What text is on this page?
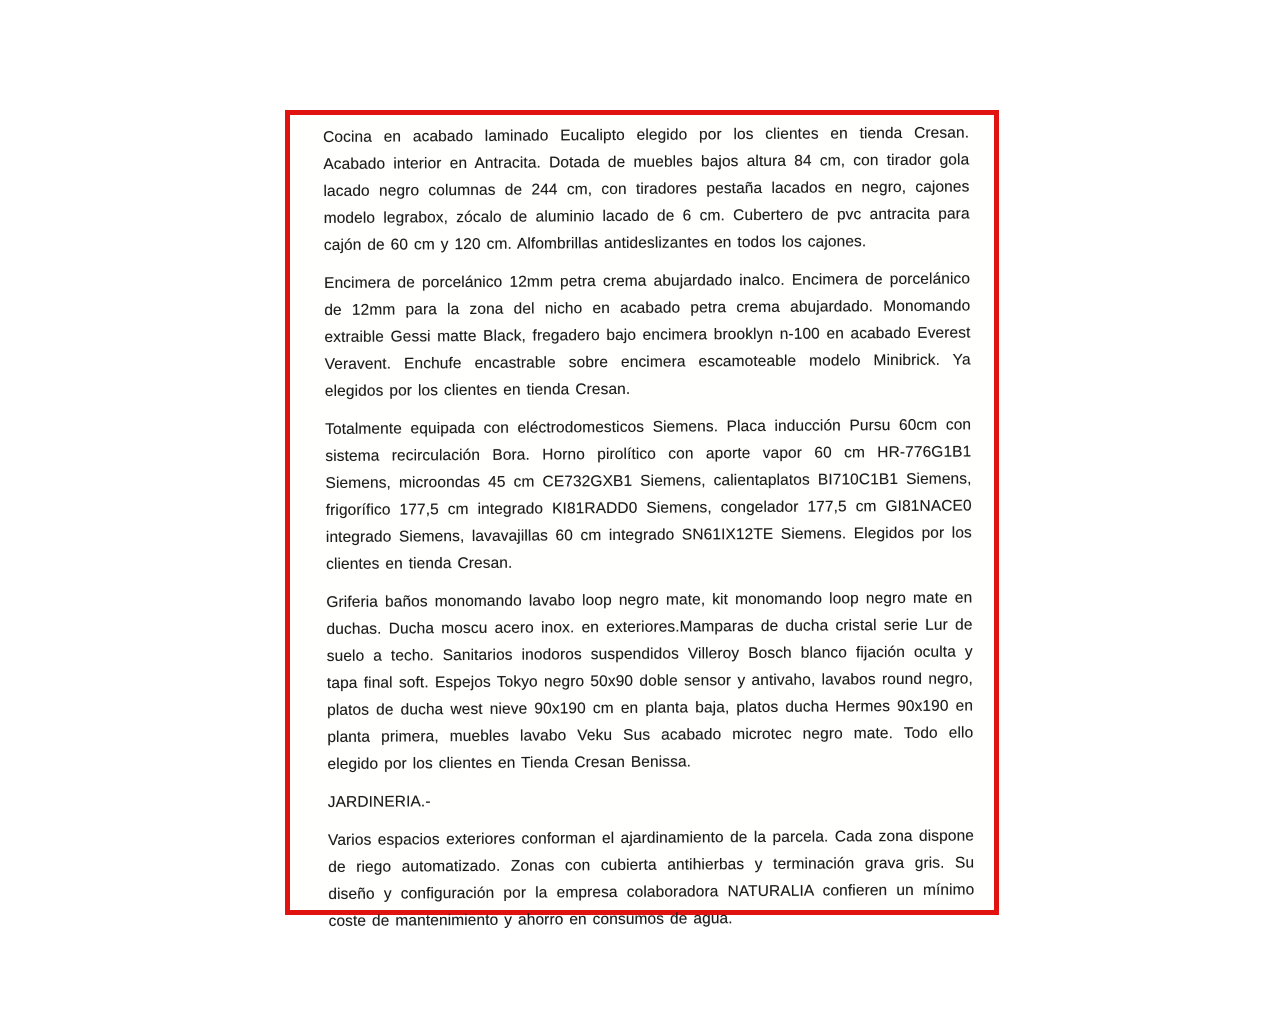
Cocina en acabado laminado Eucalipto elegido por los clientes en tienda Cresan. Acabado interior en Antracita. Dotada de muebles bajos altura 84 cm, con tirador gola lacado negro columnas de 244 cm, con tiradores pestaña lacados en negro, cajones modelo legrabox, zócalo de aluminio lacado de 6 cm. Cubertero de pvc antracita para cajón de 60 cm y 120 cm. Alfombrillas antideslizantes en todos los cajones.

Encimera de porcelánico 12mm petra crema abujardado inalco. Encimera de porcelánico de 12mm para la zona del nicho en acabado petra crema abujardado. Monomando extraible Gessi matte Black, fregadero bajo encimera brooklyn n-100 en acabado Everest Veravent. Enchufe encastrable sobre encimera escamoteable modelo Minibrick. Ya elegidos por los clientes en tienda Cresan.

Totalmente equipada con eléctrodomesticos Siemens. Placa inducción Pursu 60cm con sistema recirculación Bora. Horno pirolítico con aporte vapor 60 cm HR-776G1B1 Siemens, microondas 45 cm CE732GXB1 Siemens, calientaplatos BI710C1B1 Siemens, frigorífico 177,5 cm integrado KI81RADD0 Siemens, congelador 177,5 cm GI81NACE0 integrado Siemens, lavavajillas 60 cm integrado SN61IX12TE Siemens. Elegidos por los clientes en tienda Cresan.

Griferia baños monomando lavabo loop negro mate, kit monomando loop negro mate en duchas. Ducha moscu acero inox. en exteriores.Mamparas de ducha cristal serie Lur de suelo a techo. Sanitarios inodoros suspendidos Villeroy Bosch blanco fijación oculta y tapa final soft. Espejos Tokyo negro 50x90 doble sensor y antivaho, lavabos round negro, platos de ducha west nieve 90x190 cm en planta baja, platos ducha Hermes 90x190 en planta primera, muebles lavabo Veku Sus acabado microtec negro mate. Todo ello elegido por los clientes en Tienda Cresan Benissa.

JARDINERIA.-

Varios espacios exteriores conforman el ajardinamiento de la parcela. Cada zona dispone de riego automatizado. Zonas con cubierta antihierbas y terminación grava gris. Su diseño y configuración por la empresa colaboradora NATURALIA confieren un mínimo coste de mantenimiento y ahorro en consumos de agua.
